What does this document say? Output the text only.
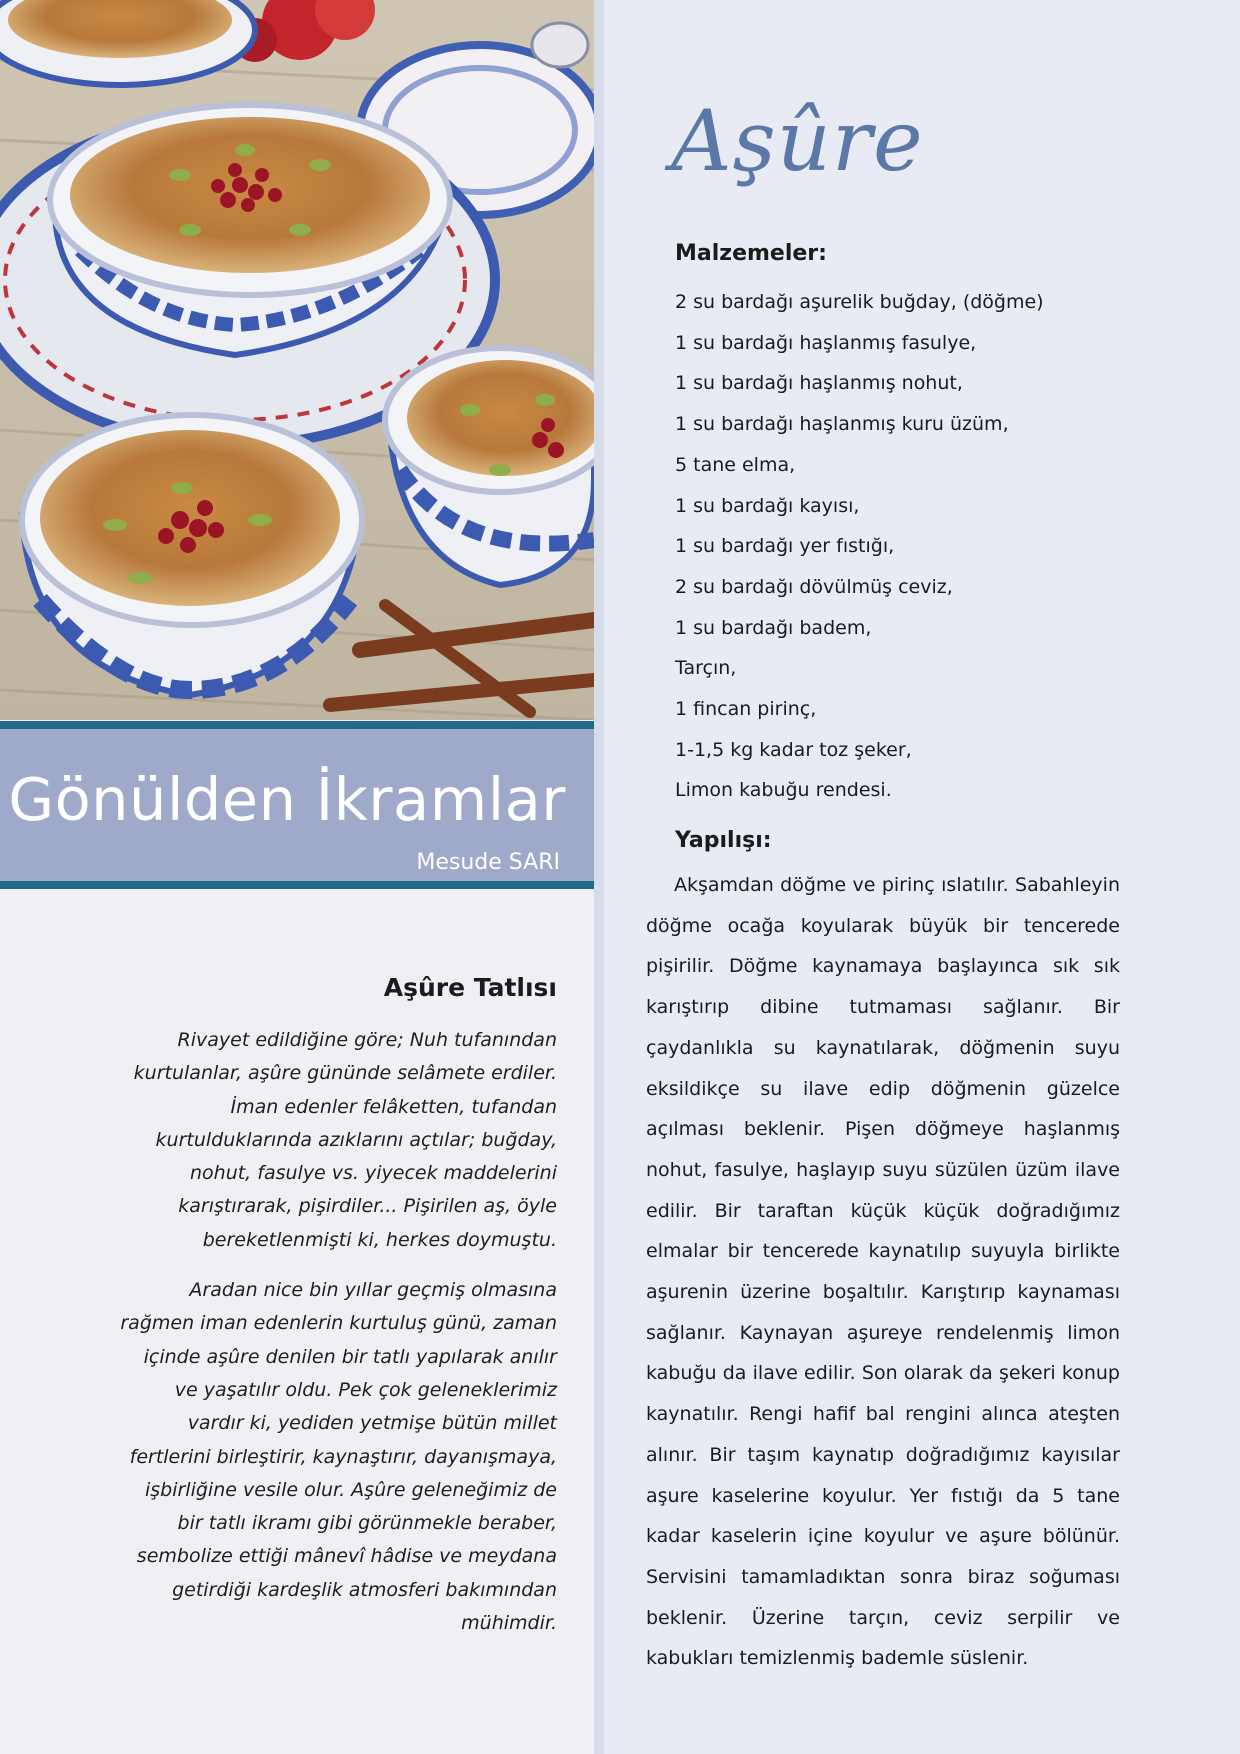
Gönülden İkramlar
Mesude SARI
Aşûre Tatlısı

Rivayet edildiğine göre; Nuh tufanından kurtulanlar, aşûre gününde selâmete erdiler. İman edenler felâketten, tufandan kurtulduklarında azıklarını açtılar; buğday, nohut, fasulye vs. yiyecek maddelerini karıştırarak, pişirdiler... Pişirilen aş, öyle bereketlenmişti ki, herkes doymuştu.

Aradan nice bin yıllar geçmiş olmasına rağmen iman edenlerin kurtuluş günü, zaman içinde aşûre denilen bir tatlı yapılarak anılır ve yaşatılır oldu. Pek çok geleneklerimiz vardır ki, yediden yetmişe bütün millet fertlerini birleştirir, kaynaştırır, dayanışmaya, işbirliğine vesile olur. Aşûre geleneğimiz de bir tatlı ikramı gibi görünmekle beraber, sembolize ettiği mânevî hâdise ve meydana getirdiği kardeşlik atmosferi bakımından mühimdir.

Aşûre
Malzemeler:
2 su bardağı aşurelik buğday, (döğme)
1 su bardağı haşlanmış fasulye,
1 su bardağı haşlanmış nohut,
1 su bardağı haşlanmış kuru üzüm,
5 tane elma,
1 su bardağı kayısı,
1 su bardağı yer fıstığı,
2 su bardağı dövülmüş ceviz,
1 su bardağı badem,
Tarçın,
1 fincan pirinç,
1-1,5 kg kadar toz şeker,
Limon kabuğu rendesi.
Yapılışı:

Akşamdan döğme ve pirinç ıslatılır. Sabahleyin döğme ocağa koyularak büyük bir tencerede pişirilir. Döğme kaynamaya başlayınca sık sık karıştırıp dibine tutmaması sağlanır. Bir çaydanlıkla su kaynatılarak, döğmenin suyu eksildikçe su ilave edip döğmenin güzelce açılması beklenir. Pişen döğmeye haşlanmış nohut, fasulye, haşlayıp suyu süzülen üzüm ilave edilir. Bir taraftan küçük küçük doğradığımız elmalar bir tencerede kaynatılıp suyuyla birlikte aşurenin üzerine boşaltılır. Karıştırıp kaynaması sağlanır. Kaynayan aşureye rendelenmiş limon kabuğu da ilave edilir. Son olarak da şekeri konup kaynatılır. Rengi hafif bal rengini alınca ateşten alınır. Bir taşım kaynatıp doğradığımız kayısılar aşure kaselerine koyulur. Yer fıstığı da 5 tane kadar kaselerin içine koyulur ve aşure bölünür. Servisini tamamladıktan sonra biraz soğuması beklenir. Üzerine tarçın, ceviz serpilir ve kabukları temizlenmiş bademle süslenir.
